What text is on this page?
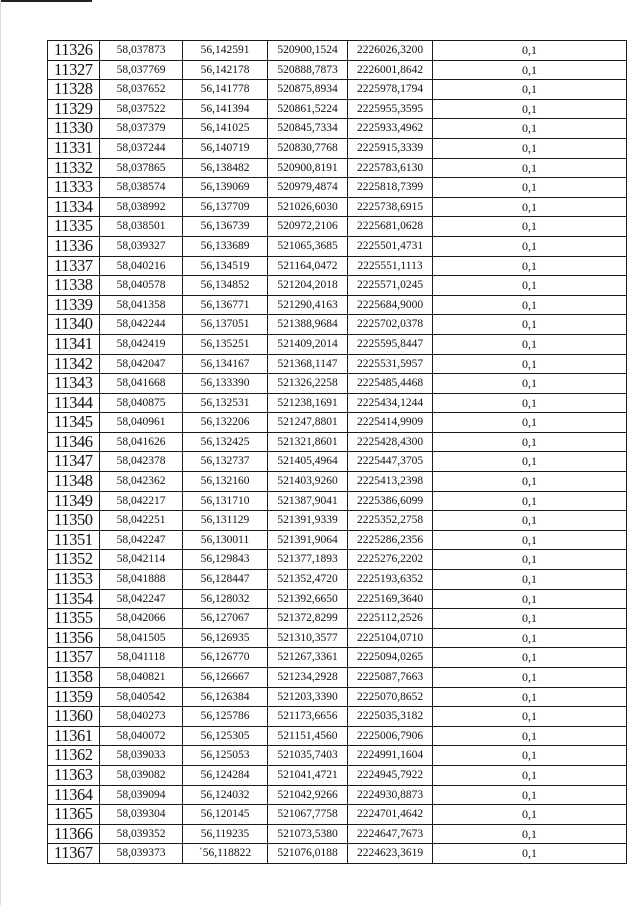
11326	58,037873	56,142591	520900,1524	2226026,3200	0,1
11327	58,037769	56,142178	520888,7873	2226001,8642	0,1
11328	58,037652	56,141778	520875,8934	2225978,1794	0,1
11329	58,037522	56,141394	520861,5224	2225955,3595	0,1
11330	58,037379	56,141025	520845,7334	2225933,4962	0,1
11331	58,037244	56,140719	520830,7768	2225915,3339	0,1
11332	58,037865	56,138482	520900,8191	2225783,6130	0,1
11333	58,038574	56,139069	520979,4874	2225818,7399	0,1
11334	58,038992	56,137709	521026,6030	2225738,6915	0,1
11335	58,038501	56,136739	520972,2106	2225681,0628	0,1
11336	58,039327	56,133689	521065,3685	2225501,4731	0,1
11337	58,040216	56,134519	521164,0472	2225551,1113	0,1
11338	58,040578	56,134852	521204,2018	2225571,0245	0,1
11339	58,041358	56,136771	521290,4163	2225684,9000	0,1
11340	58,042244	56,137051	521388,9684	2225702,0378	0,1
11341	58,042419	56,135251	521409,2014	2225595,8447	0,1
11342	58,042047	56,134167	521368,1147	2225531,5957	0,1
11343	58,041668	56,133390	521326,2258	2225485,4468	0,1
11344	58,040875	56,132531	521238,1691	2225434,1244	0,1
11345	58,040961	56,132206	521247,8801	2225414,9909	0,1
11346	58,041626	56,132425	521321,8601	2225428,4300	0,1
11347	58,042378	56,132737	521405,4964	2225447,3705	0,1
11348	58,042362	56,132160	521403,9260	2225413,2398	0,1
11349	58,042217	56,131710	521387,9041	2225386,6099	0,1
11350	58,042251	56,131129	521391,9339	2225352,2758	0,1
11351	58,042247	56,130011	521391,9064	2225286,2356	0,1
11352	58,042114	56,129843	521377,1893	2225276,2202	0,1
11353	58,041888	56,128447	521352,4720	2225193,6352	0,1
11354	58,042247	56,128032	521392,6650	2225169,3640	0,1
11355	58,042066	56,127067	521372,8299	2225112,2526	0,1
11356	58,041505	56,126935	521310,3577	2225104,0710	0,1
11357	58,041118	56,126770	521267,3361	2225094,0265	0,1
11358	58,040821	56,126667	521234,2928	2225087,7663	0,1
11359	58,040542	56,126384	521203,3390	2225070,8652	0,1
11360	58,040273	56,125786	521173,6656	2225035,3182	0,1
11361	58,040072	56,125305	521151,4560	2225006,7906	0,1
11362	58,039033	56,125053	521035,7403	2224991,1604	0,1
11363	58,039082	56,124284	521041,4721	2224945,7922	0,1
11364	58,039094	56,124032	521042,9266	2224930,8873	0,1
11365	58,039304	56,120145	521067,7758	2224701,4642	0,1
11366	58,039352	56,119235	521073,5380	2224647,7673	0,1
11367	58,039373	`56,118822	521076,0188	2224623,3619	0,1
